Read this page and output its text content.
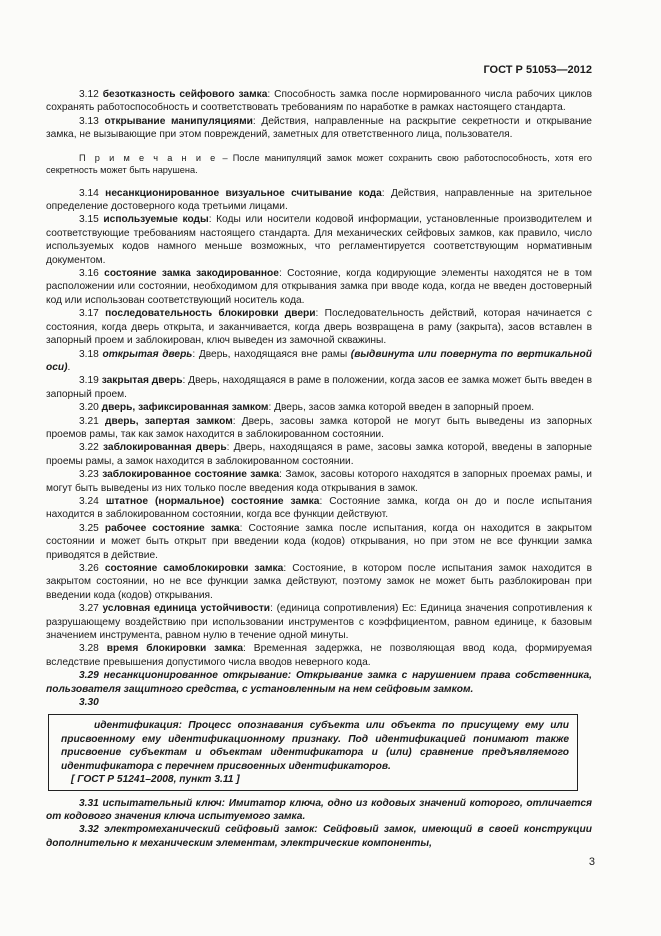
ГОСТ Р 51053—2012

3.12 безотказность сейфового замка: Способность замка после нормированного числа рабочих циклов сохранять работоспособность и соответствовать требованиям по наработке в рамках настоящего стандарта.

3.13 открывание манипуляциями: Действия, направленные на раскрытие секретности и открывание замка, не вызывающие при этом повреждений, заметных для ответственного лица, пользователя.

П р и м е ч а н и е – После манипуляций замок может сохранить свою работоспособность, хотя его секретность может быть нарушена.

3.14 несанкционированное визуальное считывание кода: Действия, направленные на зрительное определение достоверного кода третьими лицами.

3.15 используемые коды: Коды или носители кодовой информации, установленные производителем и соответствующие требованиям настоящего стандарта. Для механических сейфовых замков, как правило, число используемых кодов намного меньше возможных, что регламентируется соответствующим нормативным документом.

3.16 состояние замка закодированное: Состояние, когда кодирующие элементы находятся не в том расположении или состоянии, необходимом для открывания замка при вводе кода, когда не введен достоверный код или использован соответствующий носитель кода.

3.17 последовательность блокировки двери: Последовательность действий, которая начинается с состояния, когда дверь открыта, и заканчивается, когда дверь возвращена в раму (закрыта), засов вставлен в запорный проем и заблокирован, ключ выведен из замочной скважины.

3.18 открытая дверь: Дверь, находящаяся вне рамы (выдвинута или повернута по вертикальной оси).

3.19 закрытая дверь: Дверь, находящаяся в раме в положении, когда засов ее замка может быть введен в запорный проем.

3.20 дверь, зафиксированная замком: Дверь, засов замка которой введен в запорный проем.

3.21 дверь, запертая замком: Дверь, засовы замка которой не могут быть выведены из запорных проемов рамы, так как замок находится в заблокированном состоянии.

3.22 заблокированная дверь: Дверь, находящаяся в раме, засовы замка которой, введены в запорные проемы рамы, а замок находится в заблокированном состоянии.

3.23 заблокированное состояние замка: Замок, засовы которого находятся в запорных проемах рамы, и могут быть выведены из них только после введения кода открывания в замок.

3.24 штатное (нормальное) состояние замка: Состояние замка, когда он до и после испытания находится в заблокированном состоянии, когда все функции действуют.

3.25 рабочее состояние замка: Состояние замка после испытания, когда он находится в закрытом состоянии и может быть открыт при введении кода (кодов) открывания, но при этом не все функции замка приводятся в действие.

3.26 состояние самоблокировки замка: Состояние, в котором после испытания замок находится в закрытом состоянии, но не все функции замка действуют, поэтому замок не может быть разблокирован при введении кода (кодов) открывания.

3.27 условная единица устойчивости: (единица сопротивления) Ес: Единица значения сопротивления к разрушающему воздействию при использовании инструментов с коэффициентом, равном единице, к базовым значением инструмента, равном нулю в течение одной минуты.

3.28 время блокировки замка: Временная задержка, не позволяющая ввод кода, формируемая вследствие превышения допустимого числа вводов неверного кода.

3.29 несанкционированное открывание: Открывание замка с нарушением права собственника, пользователя защитного средства, с установленным на нем сейфовым замком.

3.30

идентификация: Процесс опознавания субъекта или объекта по присущему ему или присвоенному ему идентификационному признаку. Под идентификацией понимают также присвоение субъектам и объектам идентификатора и (или) сравнение предъявляемого идентификатора с перечнем присвоенных идентификаторов.

[ ГОСТ Р 51241–2008, пункт 3.11 ]

3.31 испытательный ключ: Имитатор ключа, одно из кодовых значений которого, отличается от кодового значения ключа испытуемого замка.

3.32 электромеханический сейфовый замок: Сейфовый замок, имеющий в своей конструкции дополнительно к механическим элементам, электрические компоненты,

3
